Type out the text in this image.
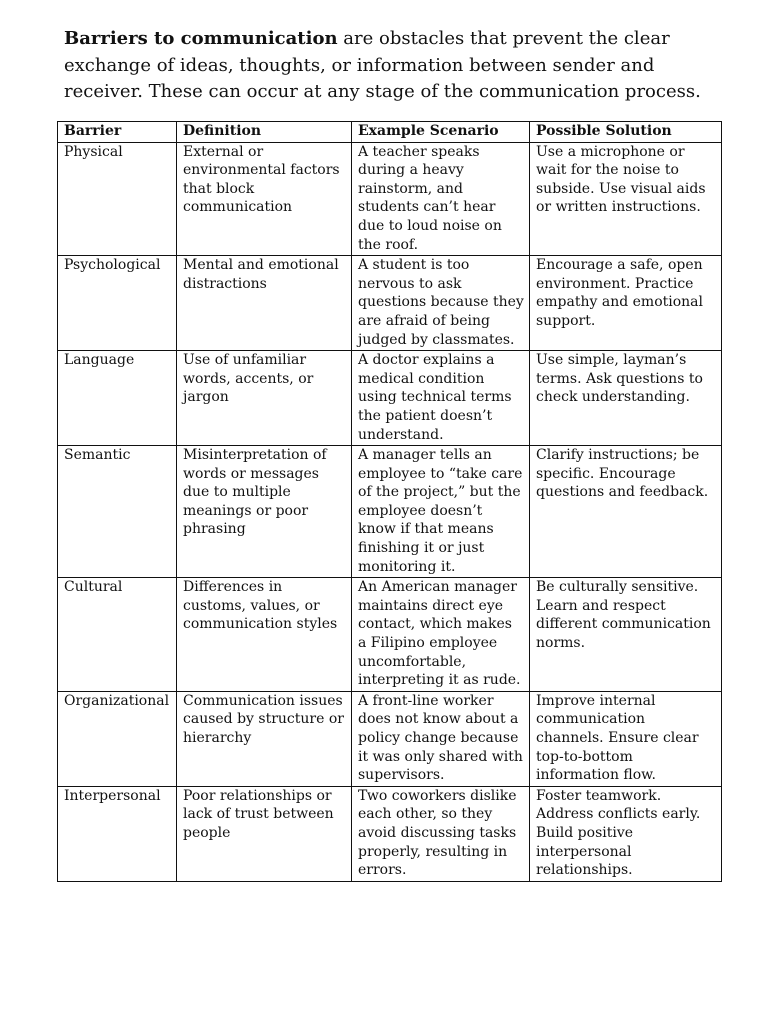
Barriers to communication are obstacles that prevent the clear exchange of ideas, thoughts, or information between sender and receiver. These can occur at any stage of the communication process.

Barrier	Definition	Example Scenario	Possible Solution
Physical	External or environmental factors that block communication	A teacher speaks during a heavy rainstorm, and students can’t hear due to loud noise on the roof.	Use a microphone or wait for the noise to subside. Use visual aids or written instructions.
Psychological	Mental and emotional distractions	A student is too nervous to ask questions because they are afraid of being judged by classmates.	Encourage a safe, open environment. Practice empathy and emotional support.
Language	Use of unfamiliar words, accents, or jargon	A doctor explains a medical condition using technical terms the patient doesn’t understand.	Use simple, layman’s terms. Ask questions to check understanding.
Semantic	Misinterpretation of words or messages due to multiple meanings or poor phrasing	A manager tells an employee to “take care of the project,” but the employee doesn’t know if that means finishing it or just monitoring it.	Clarify instructions; be specific. Encourage questions and feedback.
Cultural	Differences in customs, values, or communication styles	An American manager maintains direct eye contact, which makes a Filipino employee uncomfortable, interpreting it as rude.	Be culturally sensitive. Learn and respect different communication norms.
Organizational	Communication issues caused by structure or hierarchy	A front-line worker does not know about a policy change because it was only shared with supervisors.	Improve internal communication channels. Ensure clear top-to-bottom information flow.
Interpersonal	Poor relationships or lack of trust between people	Two coworkers dislike each other, so they avoid discussing tasks properly, resulting in errors.	Foster teamwork. Address conflicts early. Build positive interpersonal relationships.
